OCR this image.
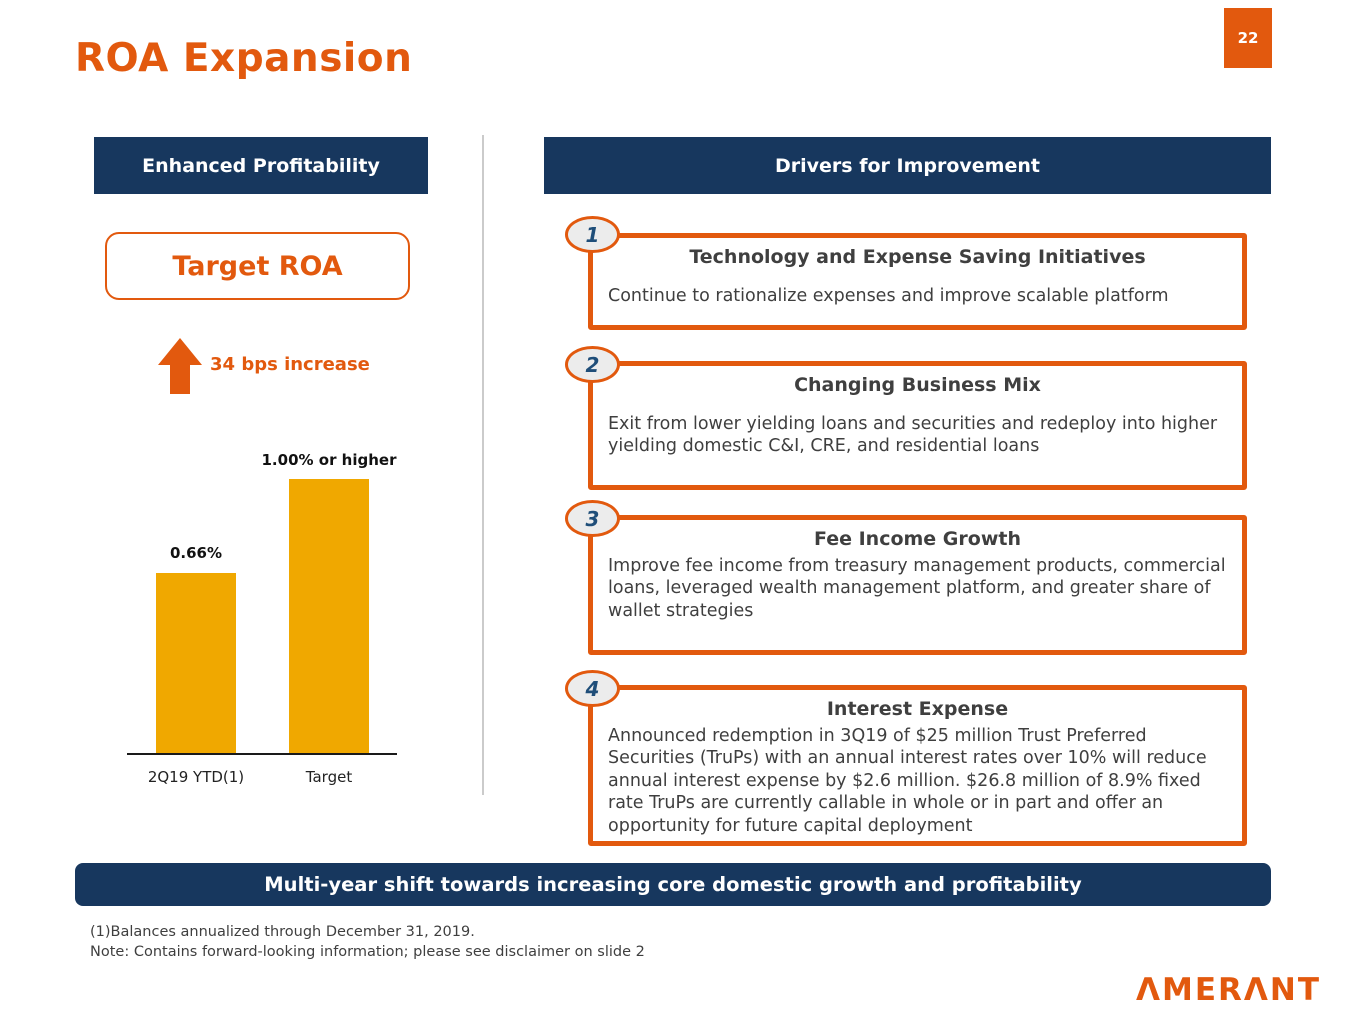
ROA Expansion	22
Enhanced Profitability
Target ROA
34 bps increase
0.66%
1.00% or higher
2Q19 YTD(1)	Target
Drivers for Improvement
1
Technology and Expense Saving Initiatives
Continue to rationalize expenses and improve scalable platform
2
Changing Business Mix
Exit from lower yielding loans and securities and redeploy into higher yielding domestic C&I, CRE, and residential loans
3
Fee Income Growth
Improve fee income from treasury management products, commercial loans, leveraged wealth management platform, and greater share of wallet strategies
4
Interest Expense
Announced redemption in 3Q19 of $25 million Trust Preferred Securities (TruPs) with an annual interest rates over 10% will reduce annual interest expense by $2.6 million. $26.8 million of 8.9% fixed rate TruPs are currently callable in whole or in part and offer an opportunity for future capital deployment
Multi-year shift towards increasing core domestic growth and profitability
(1)Balances annualized through December 31, 2019.
Note: Contains forward-looking information; please see disclaimer on slide 2
ΛMERΛNT
